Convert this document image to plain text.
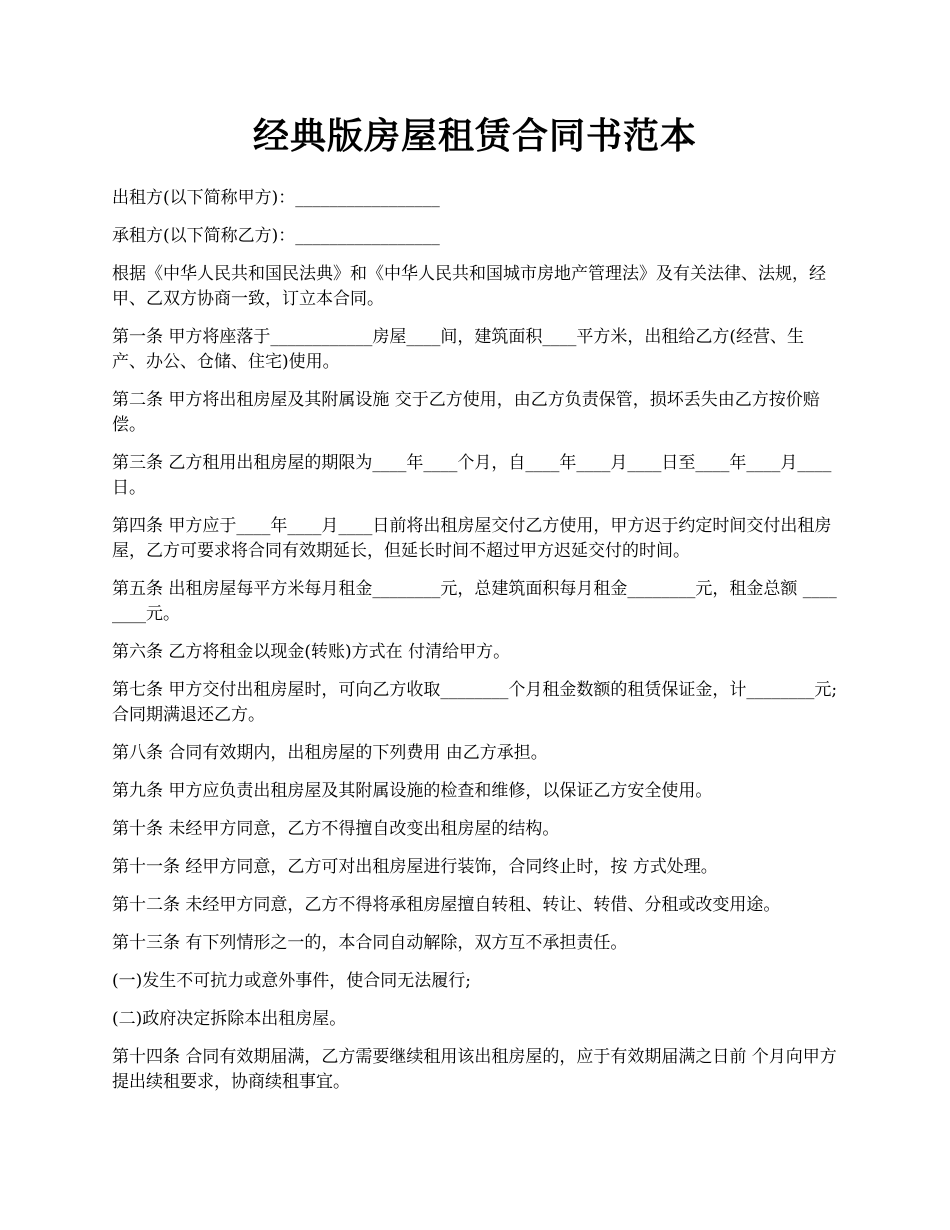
经典版房屋租赁合同书范本

出租方(以下简称甲方)：_________________

承租方(以下简称乙方)：_________________

根据《中华人民共和国民法典》和《中华人民共和国城市房地产管理法》及有关法律、法规，经甲、乙双方协商一致，订立本合同。

第一条 甲方将座落于____________房屋____间，建筑面积____平方米，出租给乙方(经营、生产、办公、仓储、住宅)使用。

第二条 甲方将出租房屋及其附属设施 交于乙方使用，由乙方负责保管，损坏丢失由乙方按价赔偿。

第三条 乙方租用出租房屋的期限为____年____个月，自____年____月____日至____年____月____日。

第四条 甲方应于____年____月____日前将出租房屋交付乙方使用，甲方迟于约定时间交付出租房屋，乙方可要求将合同有效期延长，但延长时间不超过甲方迟延交付的时间。

第五条 出租房屋每平方米每月租金________元，总建筑面积每月租金________元，租金总额 ________元。

第六条 乙方将租金以现金(转账)方式在 付清给甲方。

第七条 甲方交付出租房屋时，可向乙方收取________个月租金数额的租赁保证金，计________元;合同期满退还乙方。

第八条 合同有效期内，出租房屋的下列费用 由乙方承担。

第九条 甲方应负责出租房屋及其附属设施的检查和维修，以保证乙方安全使用。

第十条 未经甲方同意，乙方不得擅自改变出租房屋的结构。

第十一条 经甲方同意，乙方可对出租房屋进行装饰，合同终止时，按 方式处理。

第十二条 未经甲方同意，乙方不得将承租房屋擅自转租、转让、转借、分租或改变用途。

第十三条 有下列情形之一的，本合同自动解除，双方互不承担责任。

(一)发生不可抗力或意外事件，使合同无法履行;

(二)政府决定拆除本出租房屋。

第十四条 合同有效期届满，乙方需要继续租用该出租房屋的，应于有效期届满之日前 个月向甲方提出续租要求，协商续租事宜。
